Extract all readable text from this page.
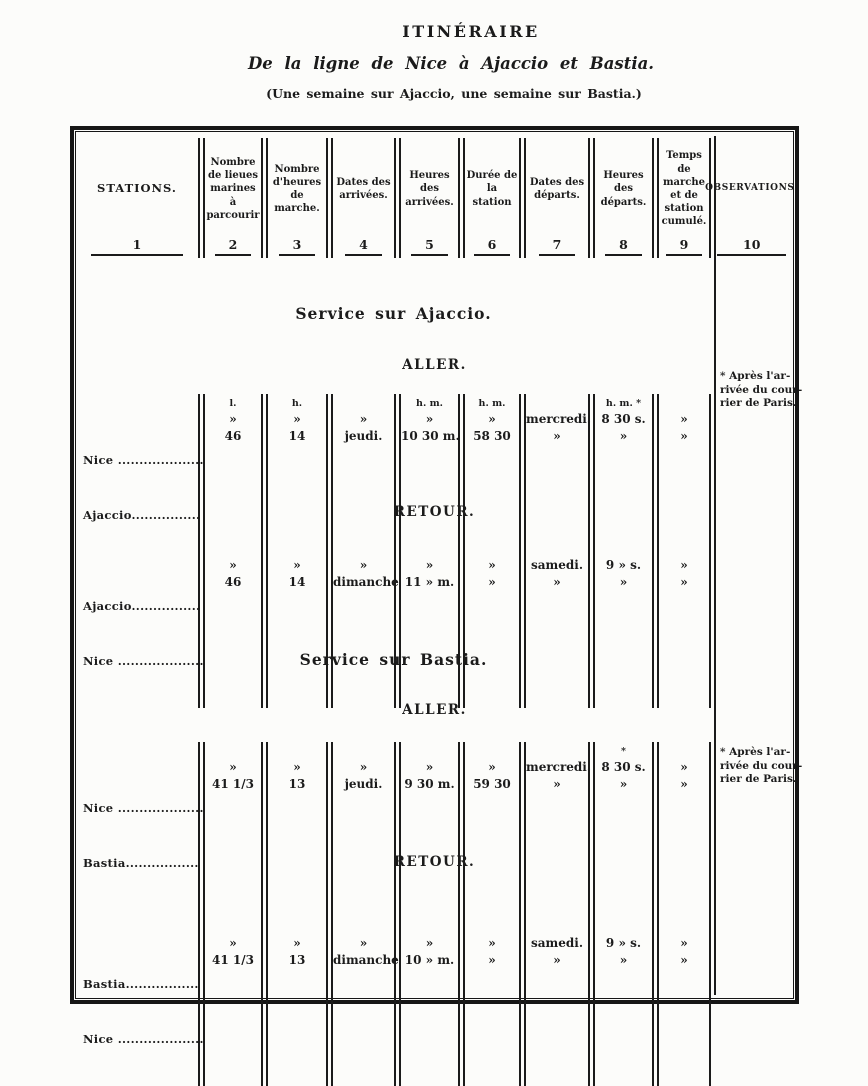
ITINÉRAIRE
De la ligne de Nice à Ajaccio et Bastia.
(Une semaine sur Ajaccio, une semaine sur Bastia.)
STATIONS.
1
Nombre de lieues marines à parcourir
2
Nombre d'heures de marche.
3
Dates des arrivées.
4
Heures des arrivées.
5
Durée de la station
6
Dates des départs.
7
Heures des départs.
8
Temps de marche et de station cumulé.
9
OBSERVATIONS.
10
Service sur Ajaccio.
ALLER.

Nice ....................

Ajaccio................

l.
»
46
h.
»
14
»
jeudi.
h. m.
»
10 30 m.
h. m.
»
58 30
mercredi.
»
h. m. *
8 30 s.
»
»
»
* Après l'ar-
rivée du cour-
rier de Paris.
RETOUR.

Ajaccio................

Nice ....................

»
46
»
14
»
dimanche
»
11 » m.
»
»
samedi.
»
9 » s.
»
»
»
Service sur Bastia.
ALLER.

Nice ....................

Bastia.................

»
41 1/3
»
13
»
jeudi.
»
9 30 m.
»
59 30
mercredi.
»
*
8 30 s.
»
»
»
* Après l'ar-
rivée du cour-
rier de Paris.
RETOUR.

Bastia.................

Nice ....................

»
41 1/3
»
13
»
dimanche
»
10 » m.
»
»
samedi.
»
9 » s.
»
»
»
